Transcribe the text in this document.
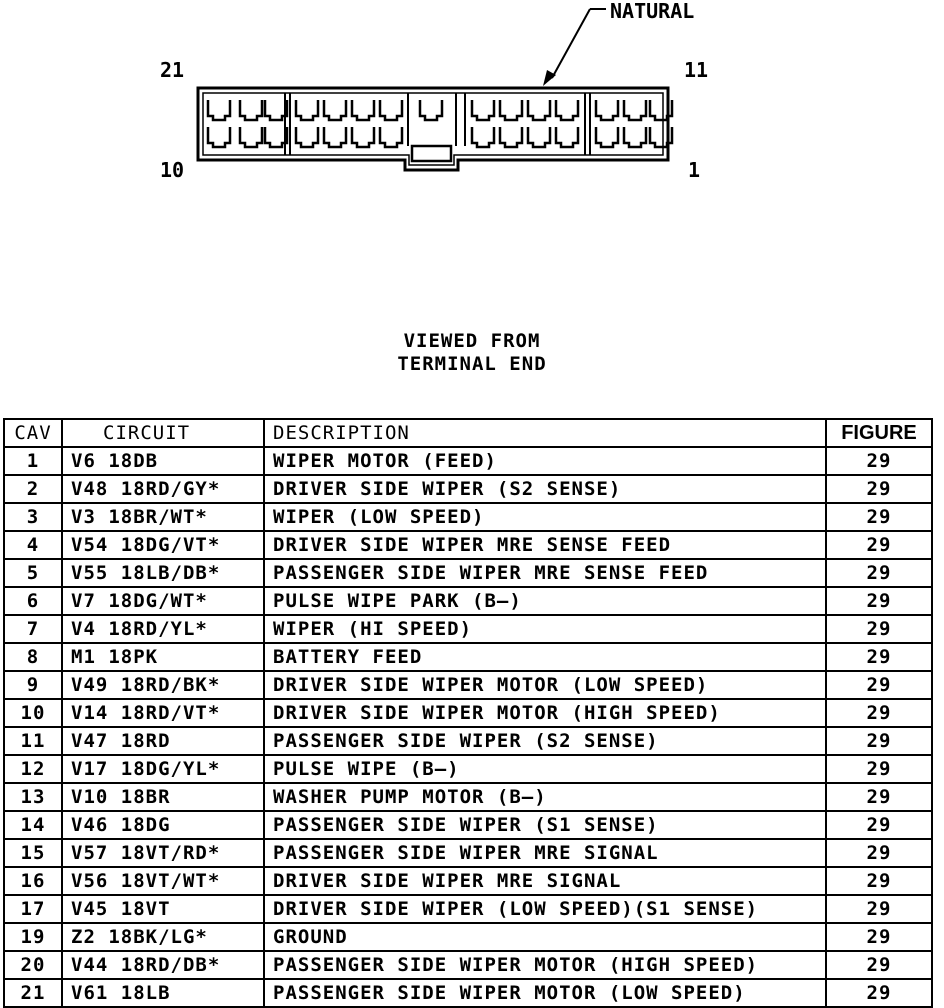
NATURAL
21	11
10	1
VIEWED FROM
TERMINAL END
CAV	CIRCUIT	DESCRIPTION	FIGURE
1	V6 18DB	WIPER MOTOR (FEED)	29
2	V48 18RD/GY*	DRIVER SIDE WIPER (S2 SENSE)	29
3	V3 18BR/WT*	WIPER (LOW SPEED)	29
4	V54 18DG/VT*	DRIVER SIDE WIPER MRE SENSE FEED	29
5	V55 18LB/DB*	PASSENGER SIDE WIPER MRE SENSE FEED	29
6	V7 18DG/WT*	PULSE WIPE PARK (B—)	29
7	V4 18RD/YL*	WIPER (HI SPEED)	29
8	M1 18PK	BATTERY FEED	29
9	V49 18RD/BK*	DRIVER SIDE WIPER MOTOR (LOW SPEED)	29
10	V14 18RD/VT*	DRIVER SIDE WIPER MOTOR (HIGH SPEED)	29
11	V47 18RD	PASSENGER SIDE WIPER (S2 SENSE)	29
12	V17 18DG/YL*	PULSE WIPE (B—)	29
13	V10 18BR	WASHER PUMP MOTOR (B—)	29
14	V46 18DG	PASSENGER SIDE WIPER (S1 SENSE)	29
15	V57 18VT/RD*	PASSENGER SIDE WIPER MRE SIGNAL	29
16	V56 18VT/WT*	DRIVER SIDE WIPER MRE SIGNAL	29
17	V45 18VT	DRIVER SIDE WIPER (LOW SPEED)(S1 SENSE)	29
19	Z2 18BK/LG*	GROUND	29
20	V44 18RD/DB*	PASSENGER SIDE WIPER MOTOR (HIGH SPEED)	29
21	V61 18LB	PASSENGER SIDE WIPER MOTOR (LOW SPEED)	29
